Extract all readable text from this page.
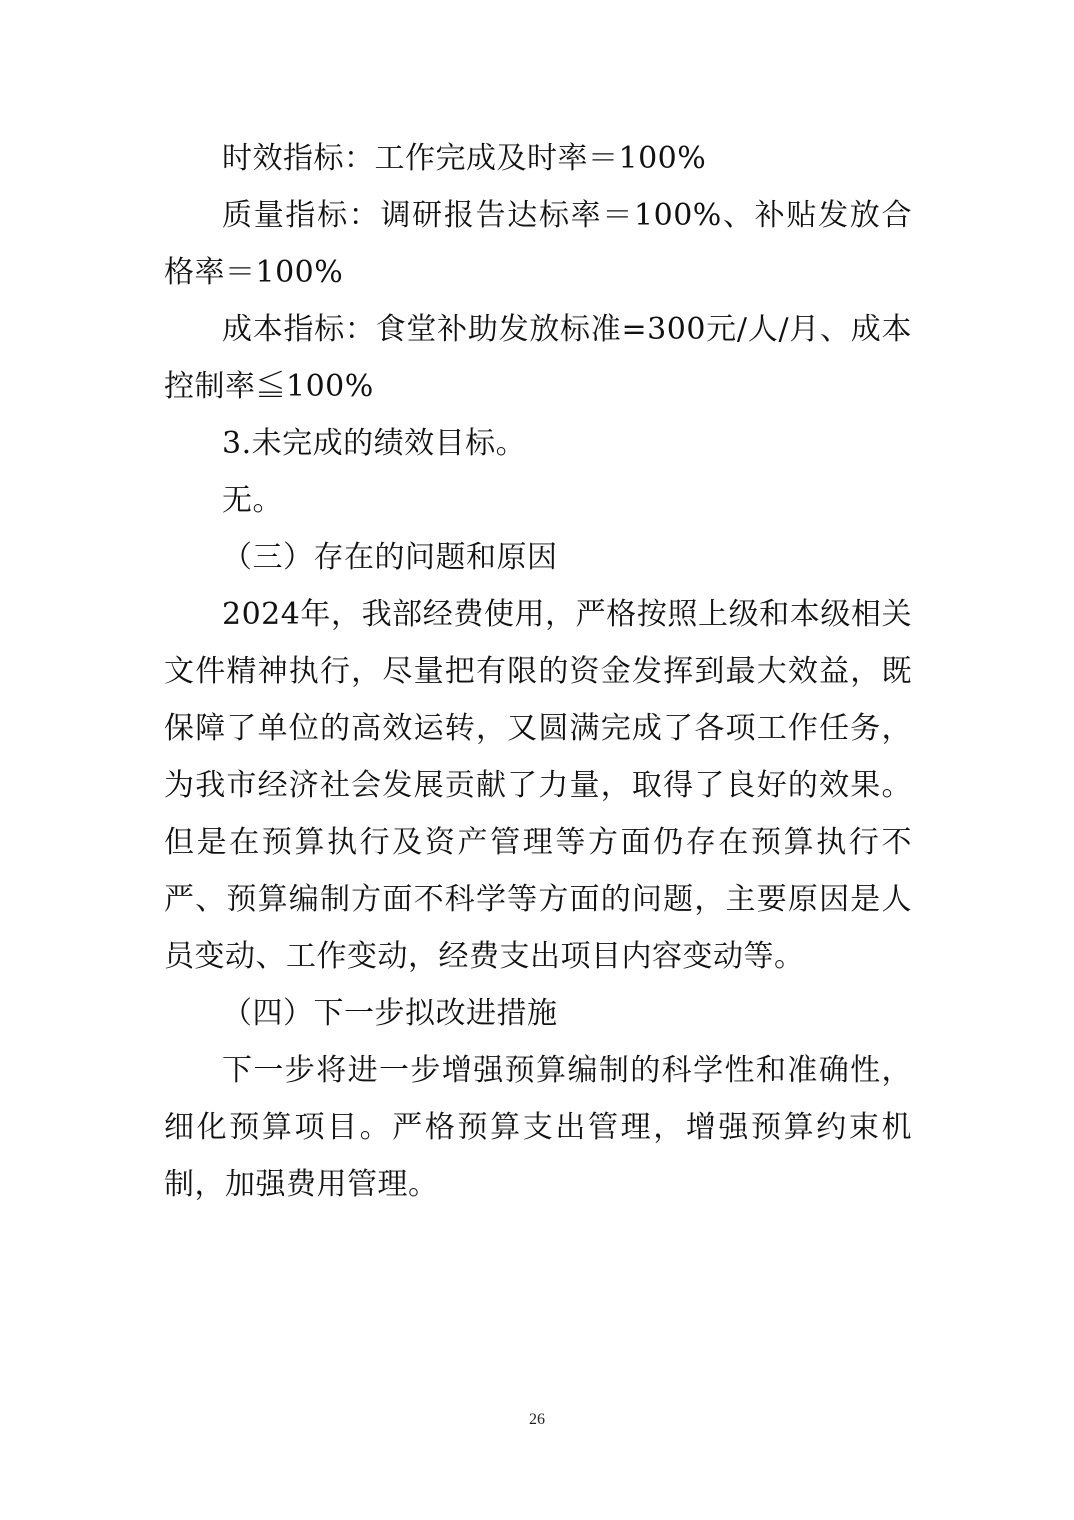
时效指标：工作完成及时率＝100%

质量指标：调研报告达标率＝100%、补贴发放合格率＝100%

成本指标：食堂补助发放标准=300元/人/月、成本控制率≦100%

3.未完成的绩效目标。

无。

（三）存在的问题和原因

2024年，我部经费使用，严格按照上级和本级相关文件精神执行，尽量把有限的资金发挥到最大效益，既保障了单位的高效运转，又圆满完成了各项工作任务，为我市经济社会发展贡献了力量，取得了良好的效果。但是在预算执行及资产管理等方面仍存在预算执行不严、预算编制方面不科学等方面的问题，主要原因是人员变动、工作变动，经费支出项目内容变动等。

（四）下一步拟改进措施

下一步将进一步增强预算编制的科学性和准确性，细化预算项目。严格预算支出管理，增强预算约束机制，加强费用管理。

26
